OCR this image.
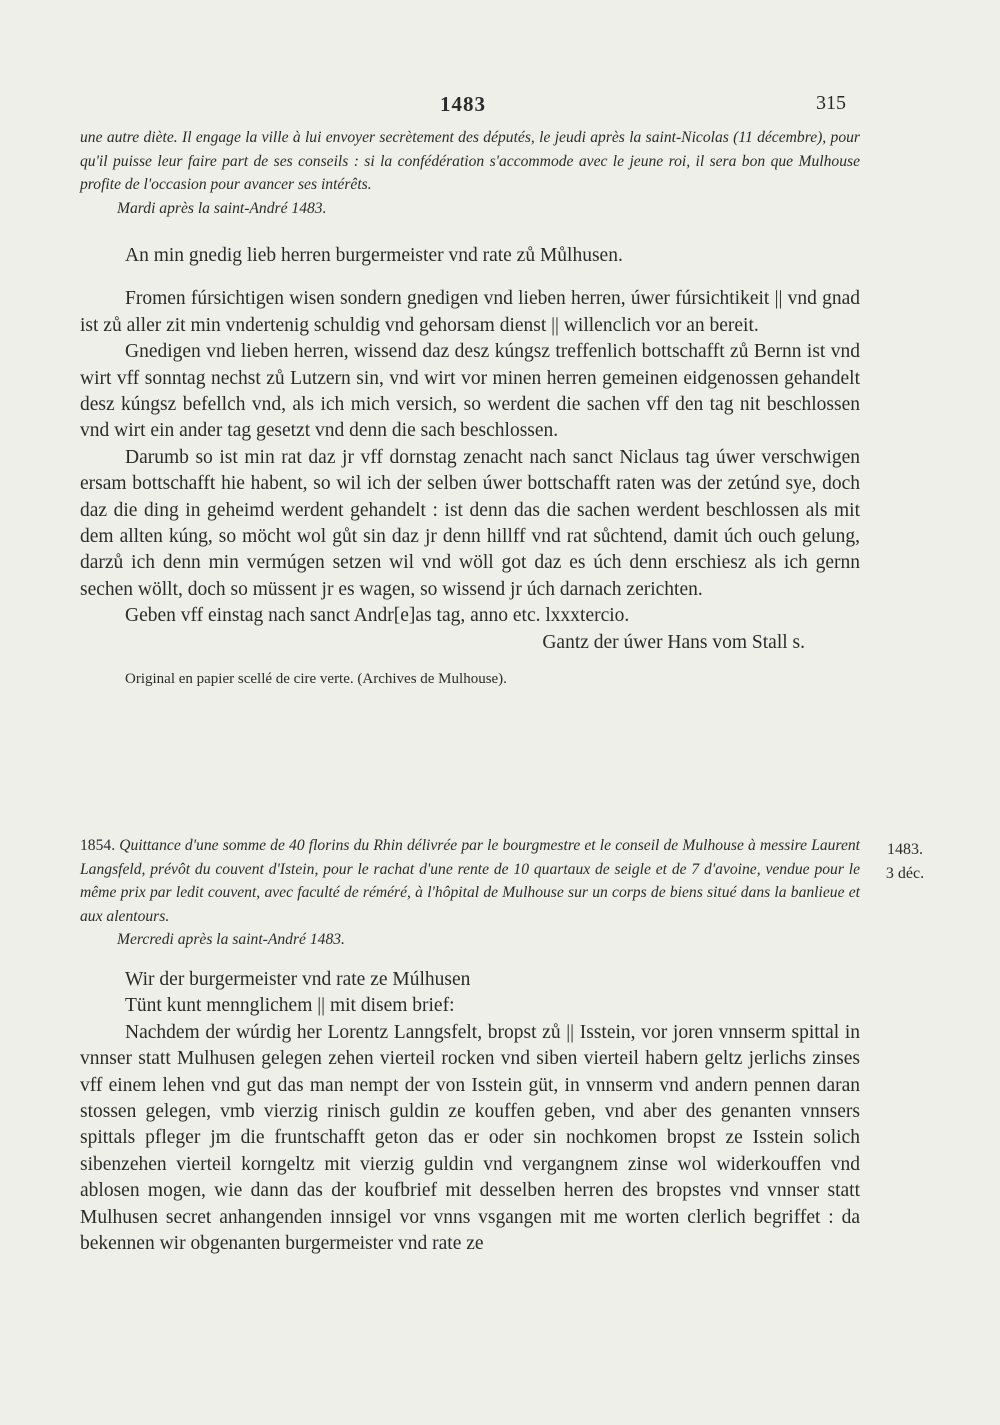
1483	315

une autre diète. Il engage la ville à lui envoyer secrètement des députés, le jeudi après la saint-Nicolas (11 décembre), pour qu'il puisse leur faire part de ses conseils : si la confédération s'accommode avec le jeune roi, il sera bon que Mulhouse profite de l'occasion pour avancer ses intérêts.

Mardi après la saint-André 1483.

An min gnedig lieb herren burgermeister vnd rate zů Můlhusen.

Fromen fúrsichtigen wisen sondern gnedigen vnd lieben herren, úwer fúrsichtikeit || vnd gnad ist zů aller zit min vndertenig schuldig vnd gehorsam dienst || willenclich vor an bereit.

Gnedigen vnd lieben herren, wissend daz desz kúngsz treffenlich bottschafft zů Bernn ist vnd wirt vff sonntag nechst zů Lutzern sin, vnd wirt vor minen herren gemeinen eidgenossen gehandelt desz kúngsz befellch vnd, als ich mich versich, so werdent die sachen vff den tag nit beschlossen vnd wirt ein ander tag gesetzt vnd denn die sach beschlossen.

Darumb so ist min rat daz jr vff dornstag zenacht nach sanct Niclaus tag úwer verschwigen ersam bottschafft hie habent, so wil ich der selben úwer bottschafft raten was der zetúnd sye, doch daz die ding in geheimd werdent gehandelt : ist denn das die sachen werdent beschlossen als mit dem allten kúng, so möcht wol gůt sin daz jr denn hillff vnd rat sůchtend, damit úch ouch gelung, darzů ich denn min vermúgen setzen wil vnd wöll got daz es úch denn erschiesz als ich gernn sechen wöllt, doch so müssent jr es wagen, so wissend jr úch darnach zerichten.

Geben vff einstag nach sanct Andr[e]as tag, anno etc. lxxxtercio.

Gantz der úwer Hans vom Stall s.

Original en papier scellé de cire verte. (Archives de Mulhouse).

1854. Quittance d'une somme de 40 florins du Rhin délivrée par le bourgmestre et le conseil de Mulhouse à messire Laurent Langsfeld, prévôt du couvent d'Istein, pour le rachat d'une rente de 10 quartaux de seigle et de 7 d'avoine, vendue pour le même prix par ledit couvent, avec faculté de réméré, à l'hôpital de Mulhouse sur un corps de biens situé dans la banlieue et aux alentours.

Mercredi après la saint-André 1483.

1483.
3 déc.

Wir der burgermeister vnd rate ze Múlhusen

Tünt kunt mennglichem || mit disem brief:

Nachdem der wúrdig her Lorentz Lanngsfelt, bropst zů || Isstein, vor joren vnnserm spittal in vnnser statt Mulhusen gelegen zehen vierteil rocken vnd siben vierteil habern geltz jerlichs zinses vff einem lehen vnd gut das man nempt der von Isstein güt, in vnnserm vnd andern pennen daran stossen gelegen, vmb vierzig rinisch guldin ze kouffen geben, vnd aber des genanten vnnsers spittals pfleger jm die fruntschafft geton das er oder sin nochkomen bropst ze Isstein solich sibenzehen vierteil korngeltz mit vierzig guldin vnd vergangnem zinse wol widerkouffen vnd ablosen mogen, wie dann das der koufbrief mit desselben herren des bropstes vnd vnnser statt Mulhusen secret anhangenden innsigel vor vnns vsgangen mit me worten clerlich begriffet : da bekennen wir obgenanten burgermeister vnd rate ze
